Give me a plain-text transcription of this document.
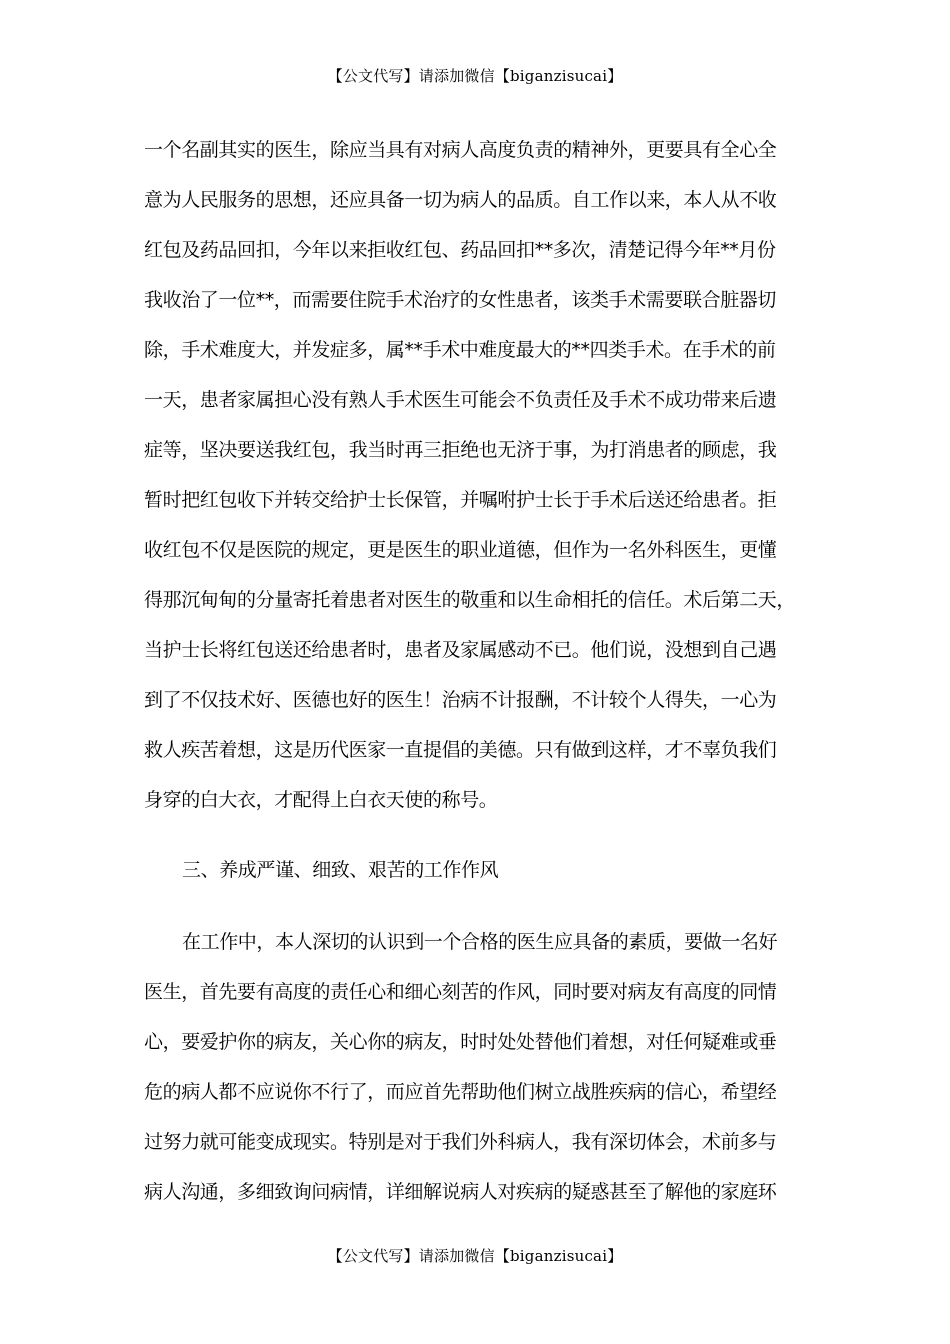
【公文代写】请添加微信【biganzisucai】
一个名副其实的医生，除应当具有对病人高度负责的精神外，更要具有全心全
意为人民服务的思想，还应具备一切为病人的品质。自工作以来，本人从不收
红包及药品回扣，今年以来拒收红包、药品回扣**多次，清楚记得今年**月份
我收治了一位**，而需要住院手术治疗的女性患者，该类手术需要联合脏器切
除，手术难度大，并发症多，属**手术中难度最大的**四类手术。在手术的前
一天，患者家属担心没有熟人手术医生可能会不负责任及手术不成功带来后遗
症等，坚决要送我红包，我当时再三拒绝也无济于事，为打消患者的顾虑，我
暂时把红包收下并转交给护士长保管，并嘱咐护士长于手术后送还给患者。拒
收红包不仅是医院的规定，更是医生的职业道德，但作为一名外科医生，更懂
得那沉甸甸的分量寄托着患者对医生的敬重和以生命相托的信任。术后第二天，
当护士长将红包送还给患者时，患者及家属感动不已。他们说，没想到自己遇
到了不仅技术好、医德也好的医生！治病不计报酬，不计较个人得失，一心为
救人疾苦着想，这是历代医家一直提倡的美德。只有做到这样，才不辜负我们
身穿的白大衣，才配得上白衣天使的称号。
三、养成严谨、细致、艰苦的工作作风
在工作中，本人深切的认识到一个合格的医生应具备的素质，要做一名好
医生，首先要有高度的责任心和细心刻苦的作风，同时要对病友有高度的同情
心，要爱护你的病友，关心你的病友，时时处处替他们着想，对任何疑难或垂
危的病人都不应说你不行了，而应首先帮助他们树立战胜疾病的信心，希望经
过努力就可能变成现实。特别是对于我们外科病人，我有深切体会，术前多与
病人沟通，多细致询问病情，详细解说病人对疾病的疑惑甚至了解他的家庭环
【公文代写】请添加微信【biganzisucai】
